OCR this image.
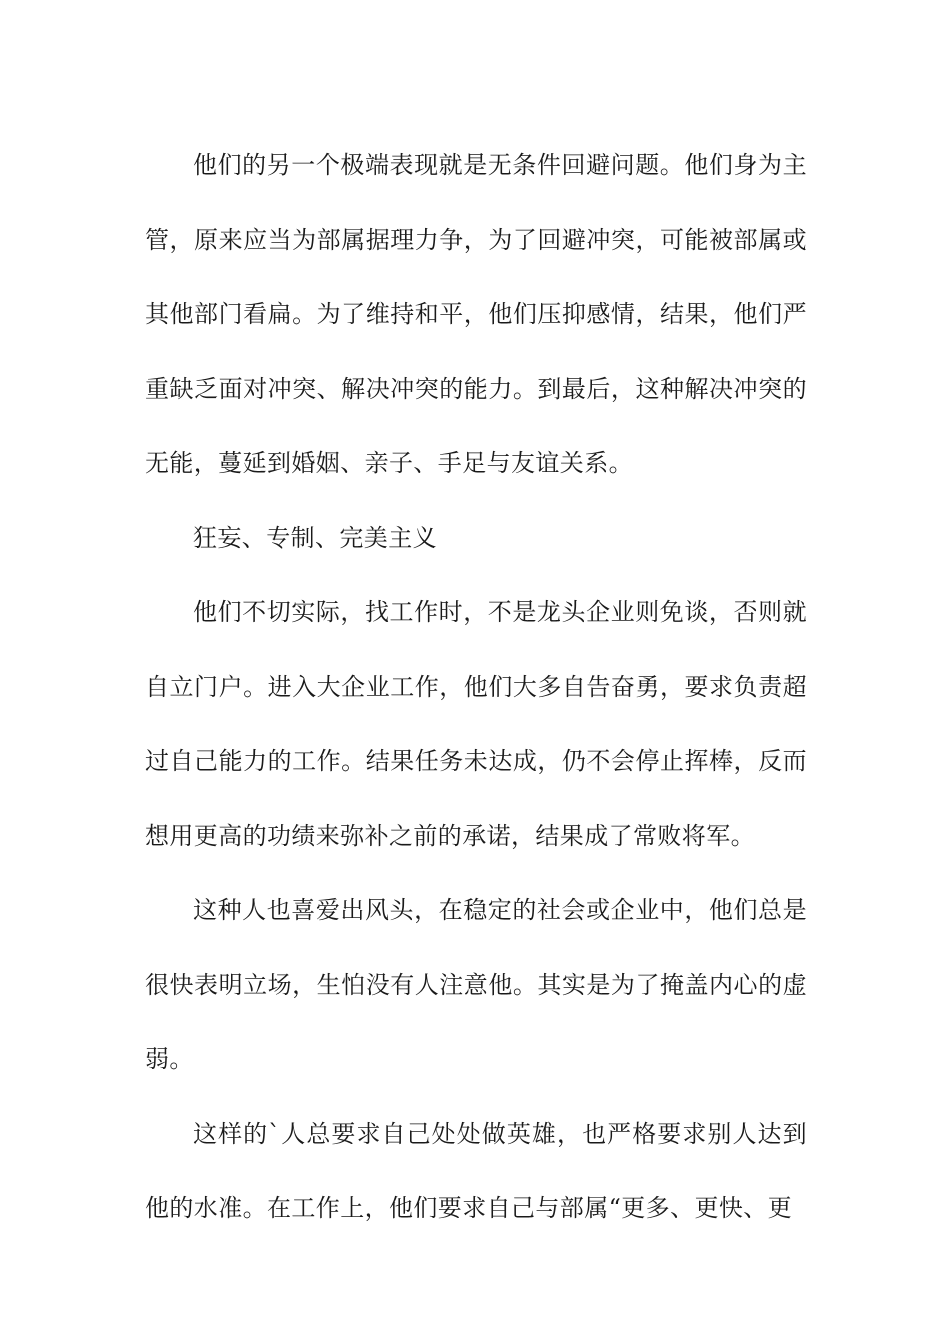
他们的另一个极端表现就是无条件回避问题。他们身为主管，原来应当为部属据理力争，为了回避冲突，可能被部属或其他部门看扁。为了维持和平，他们压抑感情，结果，他们严重缺乏面对冲突、解决冲突的能力。到最后，这种解决冲突的无能，蔓延到婚姻、亲子、手足与友谊关系。

狂妄、专制、完美主义

他们不切实际，找工作时，不是龙头企业则免谈，否则就自立门户。进入大企业工作，他们大多自告奋勇，要求负责超过自己能力的工作。结果任务未达成，仍不会停止挥棒，反而想用更高的功绩来弥补之前的承诺，结果成了常败将军。

这种人也喜爱出风头，在稳定的社会或企业中，他们总是很快表明立场，生怕没有人注意他。其实是为了掩盖内心的虚弱。

这样的`人总要求自己处处做英雄，也严格要求别人达到他的水准。在工作上，他们要求自己与部属“更多、更快、更
